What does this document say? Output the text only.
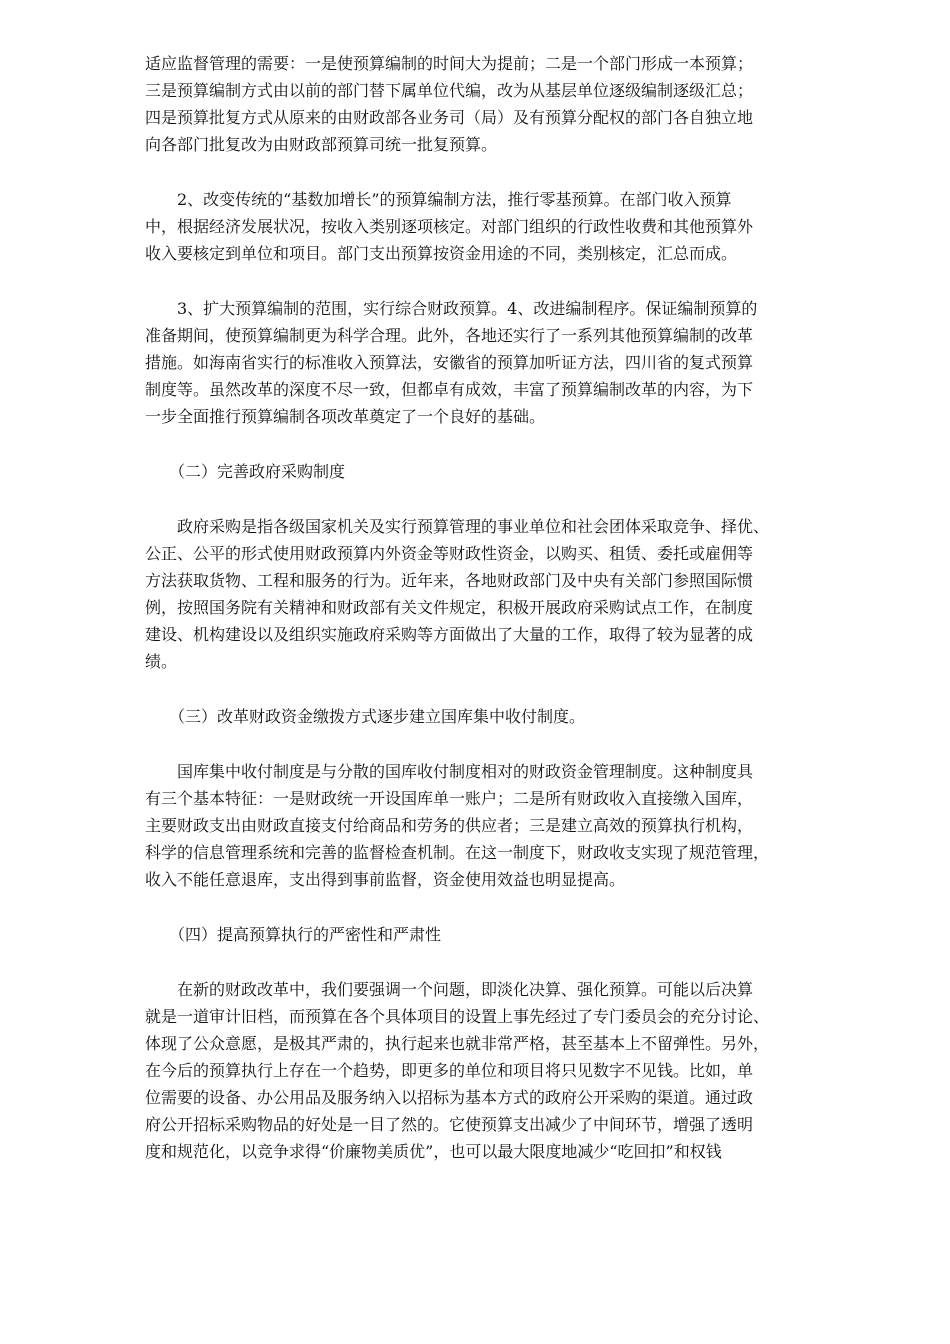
适应监督管理的需要：一是使预算编制的时间大为提前；二是一个部门形成一本预算；
三是预算编制方式由以前的部门替下属单位代编，改为从基层单位逐级编制逐级汇总；
四是预算批复方式从原来的由财政部各业务司（局）及有预算分配权的部门各自独立地
向各部门批复改为由财政部预算司统一批复预算。
　　2、改变传统的“基数加增长”的预算编制方法，推行零基预算。在部门收入预算
中，根据经济发展状况，按收入类别逐项核定。对部门组织的行政性收费和其他预算外
收入要核定到单位和项目。部门支出预算按资金用途的不同，类别核定，汇总而成。
　　3、扩大预算编制的范围，实行综合财政预算。4、改进编制程序。保证编制预算的
准备期间，使预算编制更为科学合理。此外，各地还实行了一系列其他预算编制的改革
措施。如海南省实行的标准收入预算法，安徽省的预算加听证方法，四川省的复式预算
制度等。虽然改革的深度不尽一致，但都卓有成效，丰富了预算编制改革的内容，为下
一步全面推行预算编制各项改革奠定了一个良好的基础。
　　（二）完善政府采购制度
　　政府采购是指各级国家机关及实行预算管理的事业单位和社会团体采取竞争、择优、
公正、公平的形式使用财政预算内外资金等财政性资金，以购买、租赁、委托或雇佣等
方法获取货物、工程和服务的行为。近年来，各地财政部门及中央有关部门参照国际惯
例，按照国务院有关精神和财政部有关文件规定，积极开展政府采购试点工作，在制度
建设、机构建设以及组织实施政府采购等方面做出了大量的工作，取得了较为显著的成
绩。
　　（三）改革财政资金缴拨方式逐步建立国库集中收付制度。
　　国库集中收付制度是与分散的国库收付制度相对的财政资金管理制度。这种制度具
有三个基本特征：一是财政统一开设国库单一账户；二是所有财政收入直接缴入国库，
主要财政支出由财政直接支付给商品和劳务的供应者；三是建立高效的预算执行机构，
科学的信息管理系统和完善的监督检查机制。在这一制度下，财政收支实现了规范管理，
收入不能任意退库，支出得到事前监督，资金使用效益也明显提高。
　　（四）提高预算执行的严密性和严肃性
　　在新的财政改革中，我们要强调一个问题，即淡化决算、强化预算。可能以后决算
就是一道审计旧档，而预算在各个具体项目的设置上事先经过了专门委员会的充分讨论、
体现了公众意愿，是极其严肃的，执行起来也就非常严格，甚至基本上不留弹性。另外，
在今后的预算执行上存在一个趋势，即更多的单位和项目将只见数字不见钱。比如，单
位需要的设备、办公用品及服务纳入以招标为基本方式的政府公开采购的渠道。通过政
府公开招标采购物品的好处是一目了然的。它使预算支出减少了中间环节，增强了透明
度和规范化，以竞争求得“价廉物美质优”，也可以最大限度地减少“吃回扣”和权钱
